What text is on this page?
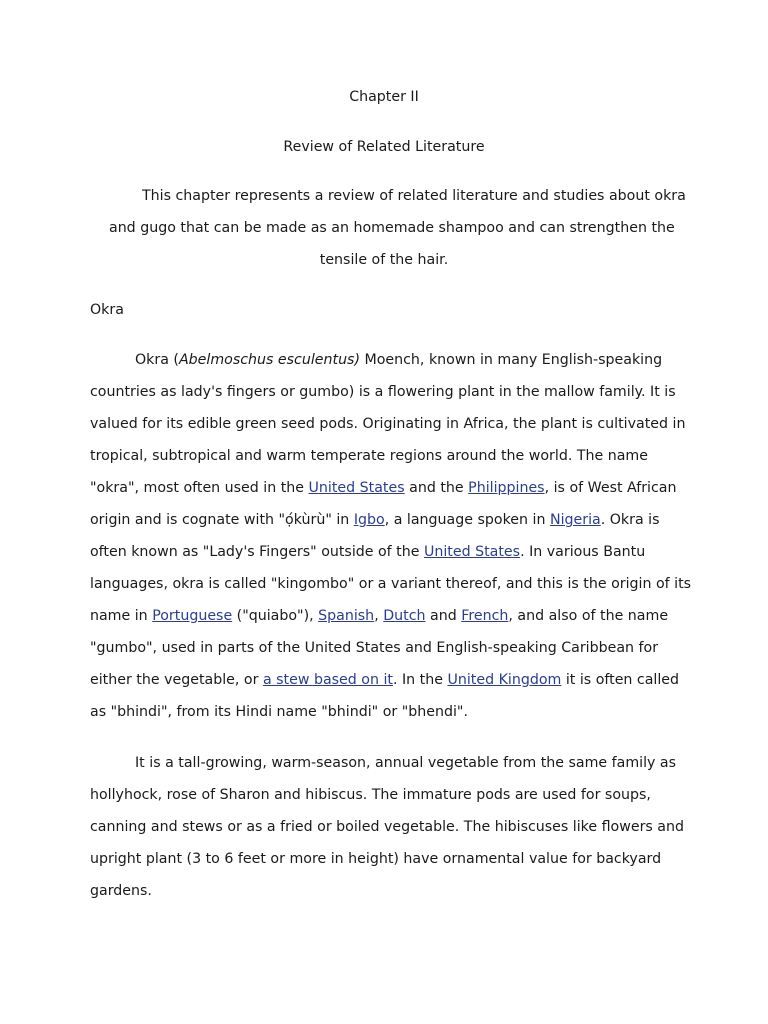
Chapter II
Review of Related Literature
This chapter represents a review of related literature and studies about okra
and gugo that can be made as an homemade shampoo and can strengthen the
tensile of the hair.
Okra
Okra (Abelmoschus esculentus) Moench, known in many English-speaking
countries as lady's fingers or gumbo) is a flowering plant in the mallow family. It is
valued for its edible green seed pods. Originating in Africa, the plant is cultivated in
tropical, subtropical and warm temperate regions around the world. The name
"okra", most often used in the United States and the Philippines, is of West African
origin and is cognate with "ọ́kùrù" in Igbo, a language spoken in Nigeria. Okra is
often known as "Lady's Fingers" outside of the United States. In various Bantu
languages, okra is called "kingombo" or a variant thereof, and this is the origin of its
name in Portuguese ("quiabo"), Spanish, Dutch and French, and also of the name
"gumbo", used in parts of the United States and English-speaking Caribbean for
either the vegetable, or a stew based on it. In the United Kingdom it is often called
as "bhindi", from its Hindi name "bhindi" or "bhendi".
It is a tall-growing, warm-season, annual vegetable from the same family as
hollyhock, rose of Sharon and hibiscus. The immature pods are used for soups,
canning and stews or as a fried or boiled vegetable. The hibiscuses like flowers and
upright plant (3 to 6 feet or more in height) have ornamental value for backyard
gardens.
